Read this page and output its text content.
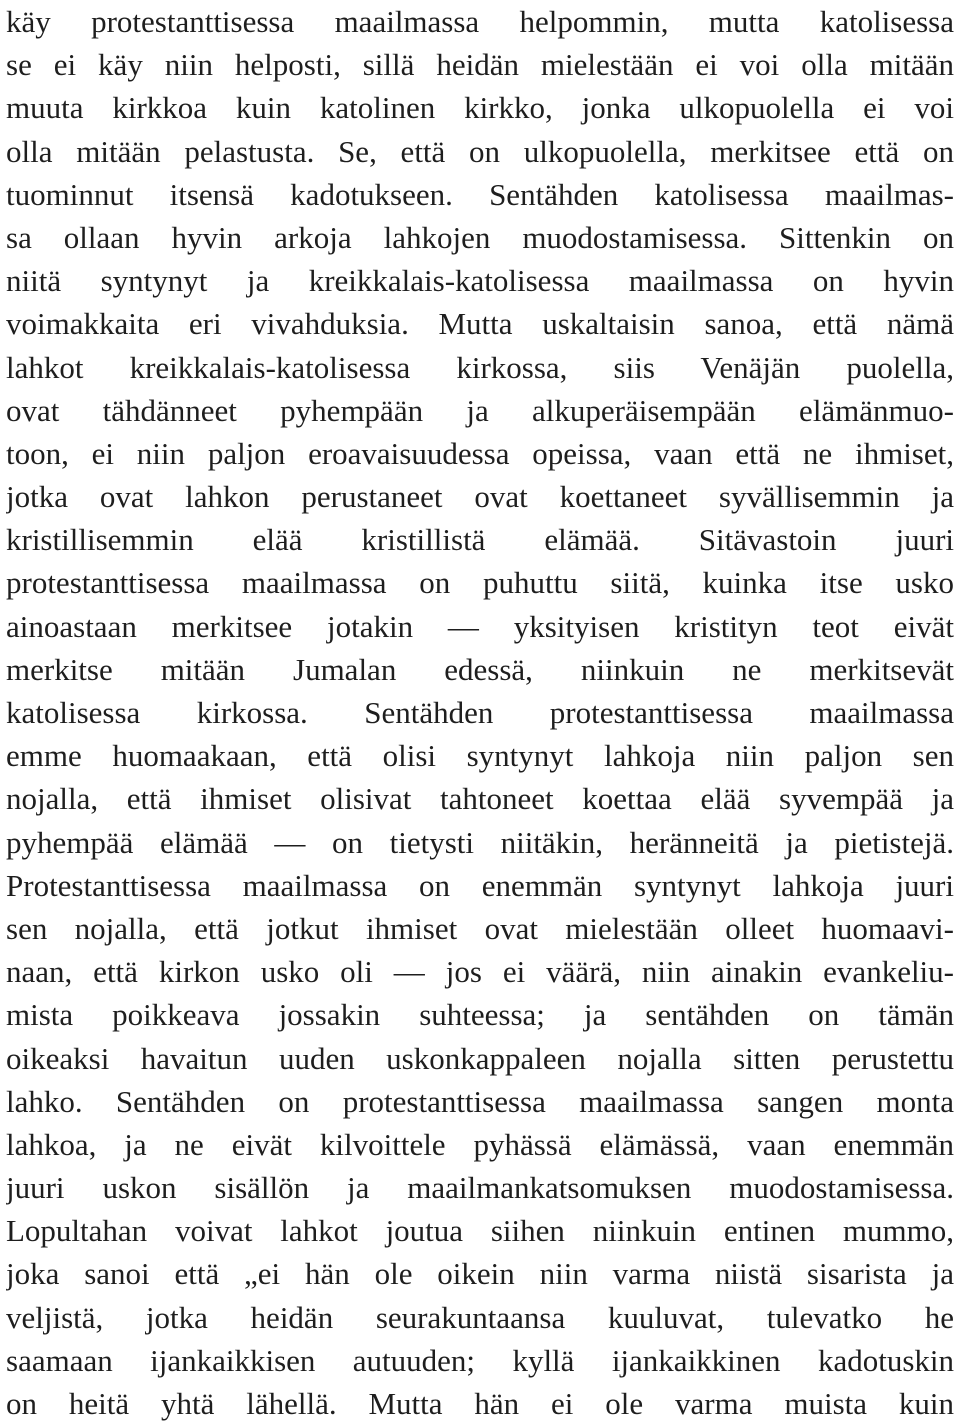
käy protestanttisessa maailmassa helpommin, mutta katolisessa
se ei käy niin helposti, sillä heidän mielestään ei voi olla mitään
muuta kirkkoa kuin katolinen kirkko, jonka ulkopuolella ei voi
olla mitään pelastusta. Se, että on ulkopuolella, merkitsee että on
tuominnut itsensä kadotukseen. Sentähden katolisessa maailmas-
sa ollaan hyvin arkoja lahkojen muodostamisessa. Sittenkin on
niitä syntynyt ja kreikkalais-katolisessa maailmassa on hyvin
voimakkaita eri vivahduksia. Mutta uskaltaisin sanoa, että nämä
lahkot kreikkalais-katolisessa kirkossa, siis Venäjän puolella,
ovat tähdänneet pyhempään ja alkuperäisempään elämänmuo-
toon, ei niin paljon eroavaisuudessa opeissa, vaan että ne ihmiset,
jotka ovat lahkon perustaneet ovat koettaneet syvällisemmin ja
kristillisemmin elää kristillistä elämää. Sitävastoin juuri
protestanttisessa maailmassa on puhuttu siitä, kuinka itse usko
ainoastaan merkitsee jotakin — yksityisen kristityn teot eivät
merkitse mitään Jumalan edessä, niinkuin ne merkitsevät
katolisessa kirkossa. Sentähden protestanttisessa maailmassa
emme huomaakaan, että olisi syntynyt lahkoja niin paljon sen
nojalla, että ihmiset olisivat tahtoneet koettaa elää syvempää ja
pyhempää elämää — on tietysti niitäkin, heränneitä ja pietistejä.
Protestanttisessa maailmassa on enemmän syntynyt lahkoja juuri
sen nojalla, että jotkut ihmiset ovat mielestään olleet huomaavi-
naan, että kirkon usko oli — jos ei väärä, niin ainakin evankeliu-
mista poikkeava jossakin suhteessa; ja sentähden on tämän
oikeaksi havaitun uuden uskonkappaleen nojalla sitten perustettu
lahko. Sentähden on protestanttisessa maailmassa sangen monta
lahkoa, ja ne eivät kilvoittele pyhässä elämässä, vaan enemmän
juuri uskon sisällön ja maailmankatsomuksen muodostamisessa.
Lopultahan voivat lahkot joutua siihen niinkuin entinen mummo,
joka sanoi että „ei hän ole oikein niin varma niistä sisarista ja
veljistä, jotka heidän seurakuntaansa kuuluvat, tulevatko he
saamaan ijankaikkisen autuuden; kyllä ijankaikkinen kadotuskin
on heitä yhtä lähellä. Mutta hän ei ole varma muista kuin
